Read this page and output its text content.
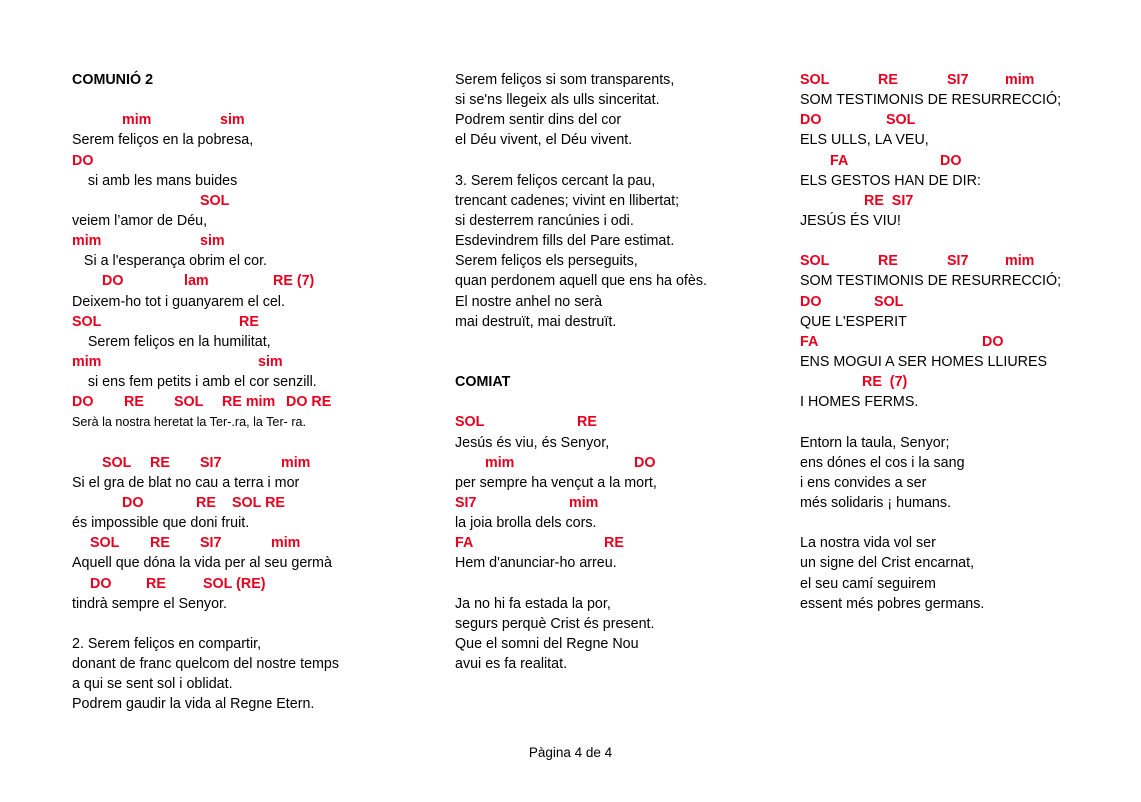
COMUNIÓ 2
mim	sim
Serem feliços en la pobresa,
DO
si amb les mans buides
SOL
veiem l’amor de Déu,
mim	sim
Si a l'esperança obrim el cor.
DO	lam	RE (7)
Deixem-ho tot i guanyarem el cel.
SOL	RE
Serem feliços en la humilitat,
mim	sim
si ens fem petits i amb el cor senzill.
DO RE SOL RE mim DO RE
Serà la nostra heretat la Ter-.ra, la Ter- ra.
SOL RE SI7	mim
Si el gra de blat no cau a terra i mor
DO	RE SOL RE
és impossible que doni fruit.
SOL RE SI7	mim
Aquell que dóna la vida per al seu germà
DO RE	SOL (RE)
tindrà sempre el Senyor.
2. Serem feliços en compartir,
donant de franc quelcom del nostre temps
a qui se sent sol i oblidat.
Podrem gaudir la vida al Regne Etern.
Serem feliços si som transparents,
si se'ns llegeix als ulls sinceritat.
Podrem sentir dins del cor
el Déu vivent, el Déu vivent.
3. Serem feliços cercant la pau,
trencant cadenes; vivint en llibertat;
si desterrem rancúnies i odi.
Esdevindrem fills del Pare estimat.
Serem feliços els perseguits,
quan perdonem aquell que ens ha ofès.
El nostre anhel no serà
mai destruït, mai destruït.
COMIAT
SOL	RE
Jesús és viu, és Senyor,
mim	DO
per sempre ha vençut a la mort,
SI7	mim
la joia brolla dels cors.
FA	RE
Hem d'anunciar-ho arreu.
Ja no hi fa estada la por,
segurs perquè Crist és present.
Que el somni del Regne Nou
avui es fa realitat.
SOL	RE	SI7	mim
SOM TESTIMONIS DE RESURRECCIÓ;
DO	SOL
ELS ULLS, LA VEU,
FA	DO
ELS GESTOS HAN DE DIR:
RE  SI7
JESÚS ÉS VIU!
SOL	RE	SI7	mim
SOM TESTIMONIS DE RESURRECCIÓ;
DO	SOL
QUE L'ESPERIT
FA	DO
ENS MOGUI A SER HOMES LLIURES
RE  (7)
I HOMES FERMS.
Entorn la taula, Senyor;
ens dónes el cos i la sang
i ens convides a ser
més solidaris ¡ humans.
La nostra vida vol ser
un signe del Crist encarnat,
el seu camí seguirem
essent més pobres germans.
Pàgina 4 de 4
